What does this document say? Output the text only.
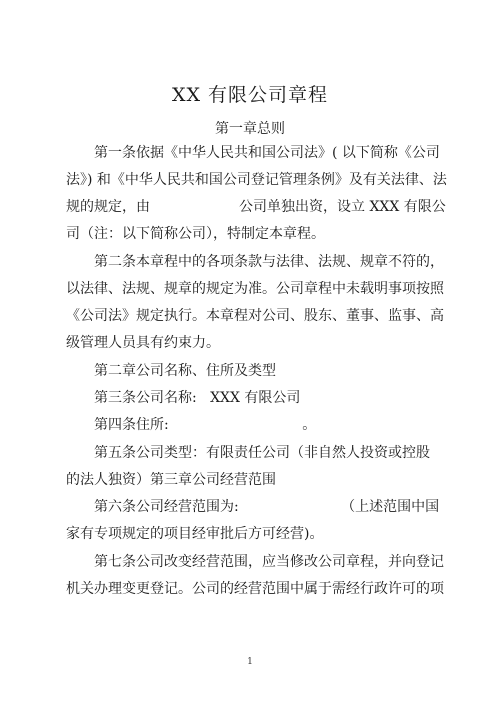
XX 有限公司章程
第一章总则

第一条依据《中华人民共和国公司法》( 以下简称《公司

法》) 和《中华人民共和国公司登记管理条例》及有关法律、法

规的规定，由                    公司单独出资，设立 XXX 有限公

司（注：以下简称公司），特制定本章程。

第二条本章程中的各项条款与法律、法规、规章不符的，

以法律、法规、规章的规定为准。公司章程中未载明事项按照

《公司法》规定执行。本章程对公司、股东、董事、监事、高

级管理人员具有约束力。

第二章公司名称、住所及类型

第三条公司名称:   XXX 有限公司

第四条住所:                              。

第五条公司类型：有限责任公司（非自然人投资或控股

的法人独资）第三章公司经营范围

第六条公司经营范围为:                       （上述范围中国

家有专项规定的项目经审批后方可经营)。

第七条公司改变经营范围，应当修改公司章程，并向登记

机关办理变更登记。公司的经营范围中属于需经行政许可的项

1
